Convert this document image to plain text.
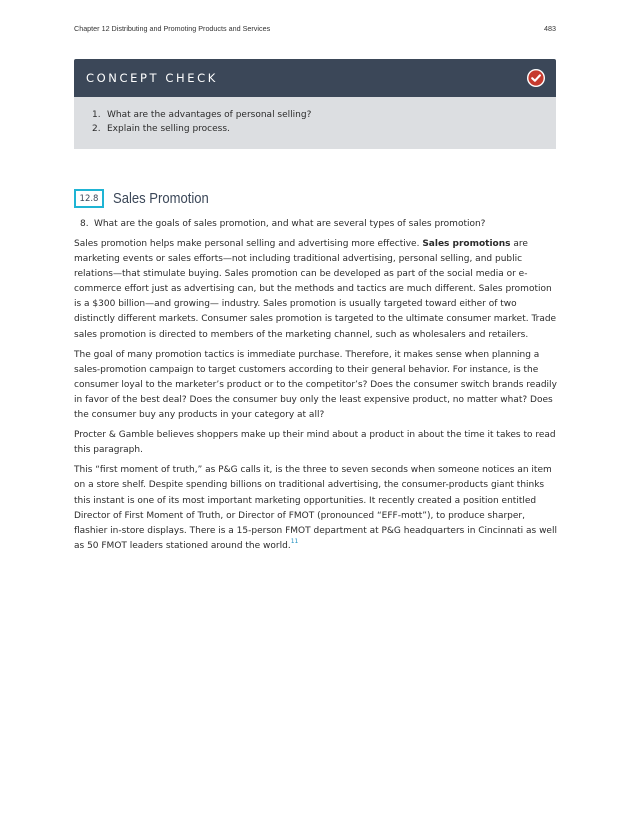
Chapter 12 Distributing and Promoting Products and Services	483
CONCEPT CHECK
1. What are the advantages of personal selling?
2. Explain the selling process.
12.8	Sales Promotion
8. What are the goals of sales promotion, and what are several types of sales promotion?

Sales promotion helps make personal selling and advertising more effective. Sales promotions are marketing events or sales efforts—not including traditional advertising, personal selling, and public relations—that stimulate buying. Sales promotion can be developed as part of the social media or e-commerce effort just as advertising can, but the methods and tactics are much different. Sales promotion is a $300 billion—and growing— industry. Sales promotion is usually targeted toward either of two distinctly different markets. Consumer sales promotion is targeted to the ultimate consumer market. Trade sales promotion is directed to members of the marketing channel, such as wholesalers and retailers.

The goal of many promotion tactics is immediate purchase. Therefore, it makes sense when planning a sales-promotion campaign to target customers according to their general behavior. For instance, is the consumer loyal to the marketer’s product or to the competitor’s? Does the consumer switch brands readily in favor of the best deal? Does the consumer buy only the least expensive product, no matter what? Does the consumer buy any products in your category at all?

Procter & Gamble believes shoppers make up their mind about a product in about the time it takes to read this paragraph.

This “first moment of truth,” as P&G calls it, is the three to seven seconds when someone notices an item on a store shelf. Despite spending billions on traditional advertising, the consumer-products giant thinks this instant is one of its most important marketing opportunities. It recently created a position entitled Director of First Moment of Truth, or Director of FMOT (pronounced “EFF-mott”), to produce sharper, flashier in-store displays. There is a 15-person FMOT department at P&G headquarters in Cincinnati as well as 50 FMOT leaders stationed around the world.$^{11}$
